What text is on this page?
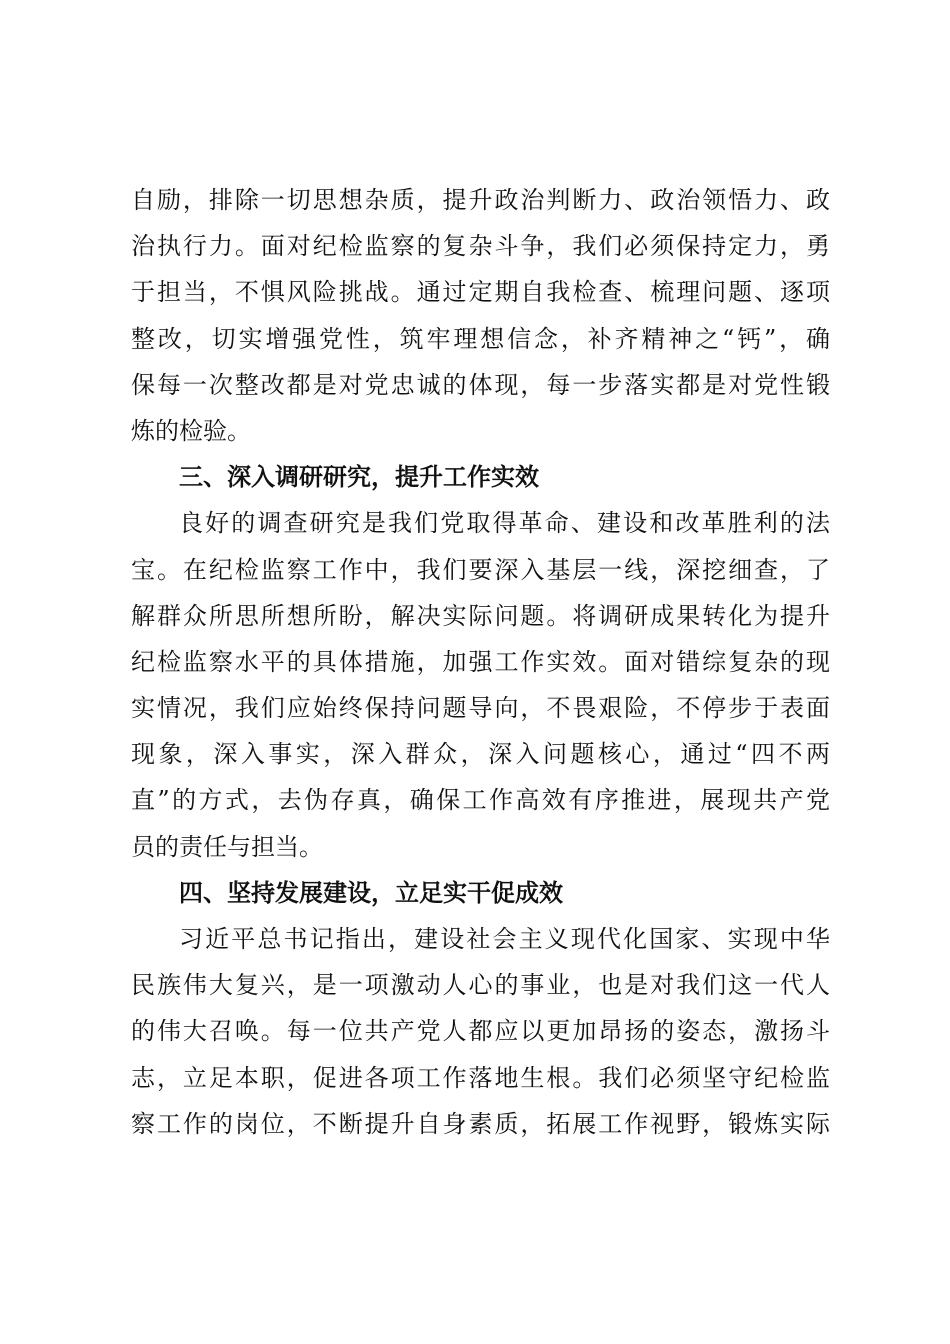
自励，排除一切思想杂质，提升政治判断力、政治领悟力、政
治执行力。面对纪检监察的复杂斗争，我们必须保持定力，勇
于担当，不惧风险挑战。通过定期自我检查、梳理问题、逐项
整改，切实增强党性，筑牢理想信念，补齐精神之“钙”，确
保每一次整改都是对党忠诚的体现，每一步落实都是对党性锻
炼的检验。
三、深入调研研究，提升工作实效
良好的调查研究是我们党取得革命、建设和改革胜利的法
宝。在纪检监察工作中，我们要深入基层一线，深挖细查，了
解群众所思所想所盼，解决实际问题。将调研成果转化为提升
纪检监察水平的具体措施，加强工作实效。面对错综复杂的现
实情况，我们应始终保持问题导向，不畏艰险，不停步于表面
现象，深入事实，深入群众，深入问题核心，通过“四不两
直”的方式，去伪存真，确保工作高效有序推进，展现共产党
员的责任与担当。
四、坚持发展建设，立足实干促成效
习近平总书记指出，建设社会主义现代化国家、实现中华
民族伟大复兴，是一项激动人心的事业，也是对我们这一代人
的伟大召唤。每一位共产党人都应以更加昂扬的姿态，激扬斗
志，立足本职，促进各项工作落地生根。我们必须坚守纪检监
察工作的岗位，不断提升自身素质，拓展工作视野，锻炼实际
